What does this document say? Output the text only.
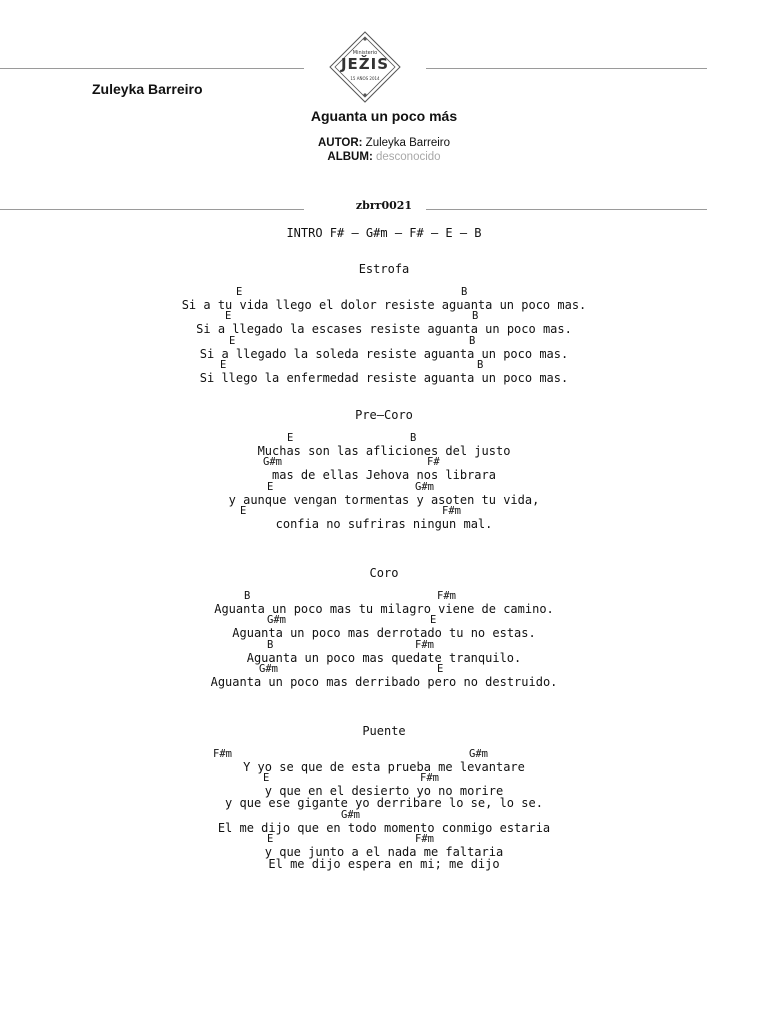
Ministerio
JEŽIS
15 AÑOS 2014
Zuleyka Barreiro
Aguanta un poco más
AUTOR: Zuleyka Barreiro
ALBUM: desconocido
zbrr0021
INTRO F# – G#m – F# – E – B
Estrofa
E	B
Si a tu vida llego el dolor resiste aguanta un poco mas.
E	B
Si a llegado la escases resiste aguanta un poco mas.
E	B
Si a llegado la soleda resiste aguanta un poco mas.
E	B
Si llego la enfermedad resiste aguanta un poco mas.
Pre–Coro
E	B
Muchas son las afliciones del justo
G#m	F#
mas de ellas Jehova nos librara
E	G#m
y aunque vengan tormentas y asoten tu vida,
E	F#m
confia no sufriras ningun mal.
Coro
B	F#m
Aguanta un poco mas tu milagro viene de camino.
G#m	E
Aguanta un poco mas derrotado tu no estas.
B	F#m
Aguanta un poco mas quedate tranquilo.
G#m	E
Aguanta un poco mas derribado pero no destruido.
Puente
F#m	G#m
Y yo se que de esta prueba me levantare
E	F#m
y que en el desierto yo no morire
y que ese gigante yo derribare lo se, lo se.
G#m
El me dijo que en todo momento conmigo estaria
E	F#m
y que junto a el nada me faltaria
El me dijo espera en mi; me dijo
